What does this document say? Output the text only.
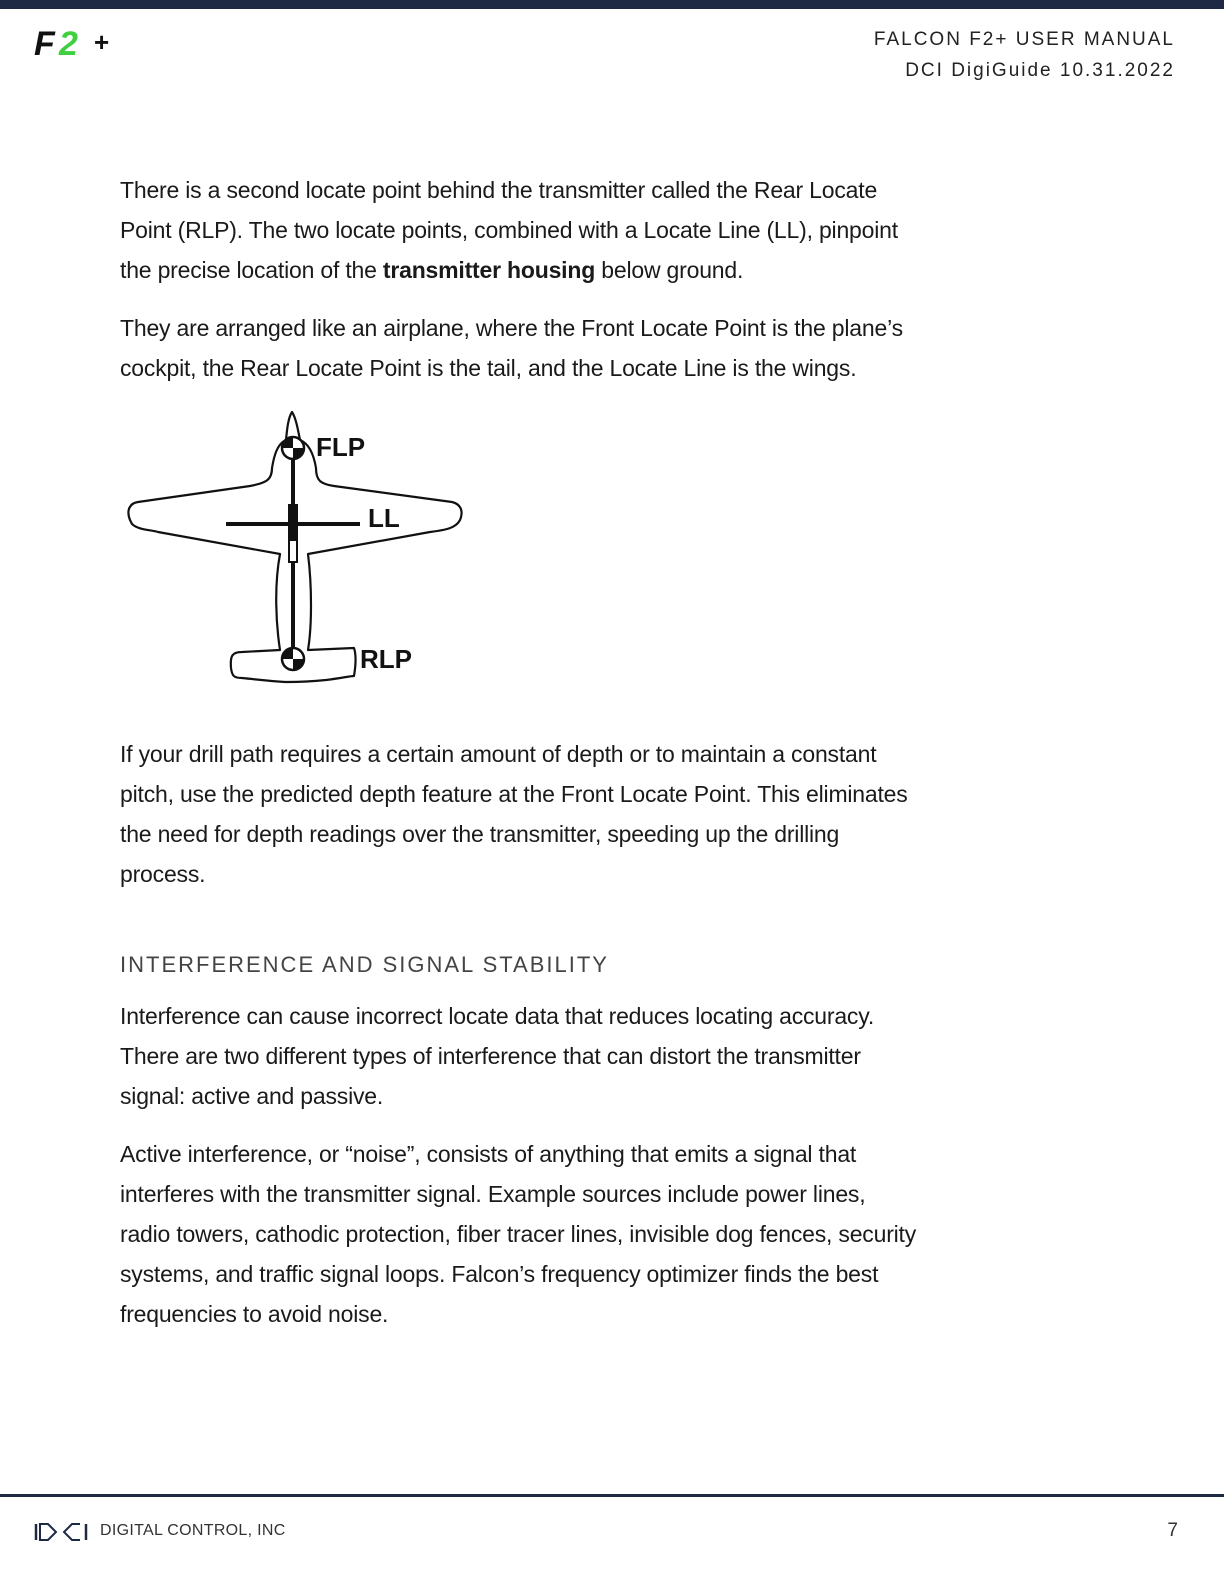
F 2 +	FALCON F2+ USER MANUAL
DCI DigiGuide 10.31.2022

There is a second locate point behind the transmitter called the Rear Locate Point (RLP). The two locate points, combined with a Locate Line (LL), pinpoint the precise location of the transmitter housing below ground.

They are arranged like an airplane, where the Front Locate Point is the plane’s cockpit, the Rear Locate Point is the tail, and the Locate Line is the wings.

FLP
LL
RLP

If your drill path requires a certain amount of depth or to maintain a constant pitch, use the predicted depth feature at the Front Locate Point. This eliminates the need for depth readings over the transmitter, speeding up the drilling process.

INTERFERENCE AND SIGNAL STABILITY

Interference can cause incorrect locate data that reduces locating accuracy. There are two different types of interference that can distort the transmitter signal: active and passive.

Active interference, or “noise”, consists of anything that emits a signal that interferes with the transmitter signal. Example sources include power lines, radio towers, cathodic protection, fiber tracer lines, invisible dog fences, security systems, and traffic signal loops. Falcon’s frequency optimizer finds the best frequencies to avoid noise.

DIGITAL CONTROL, INC	7
